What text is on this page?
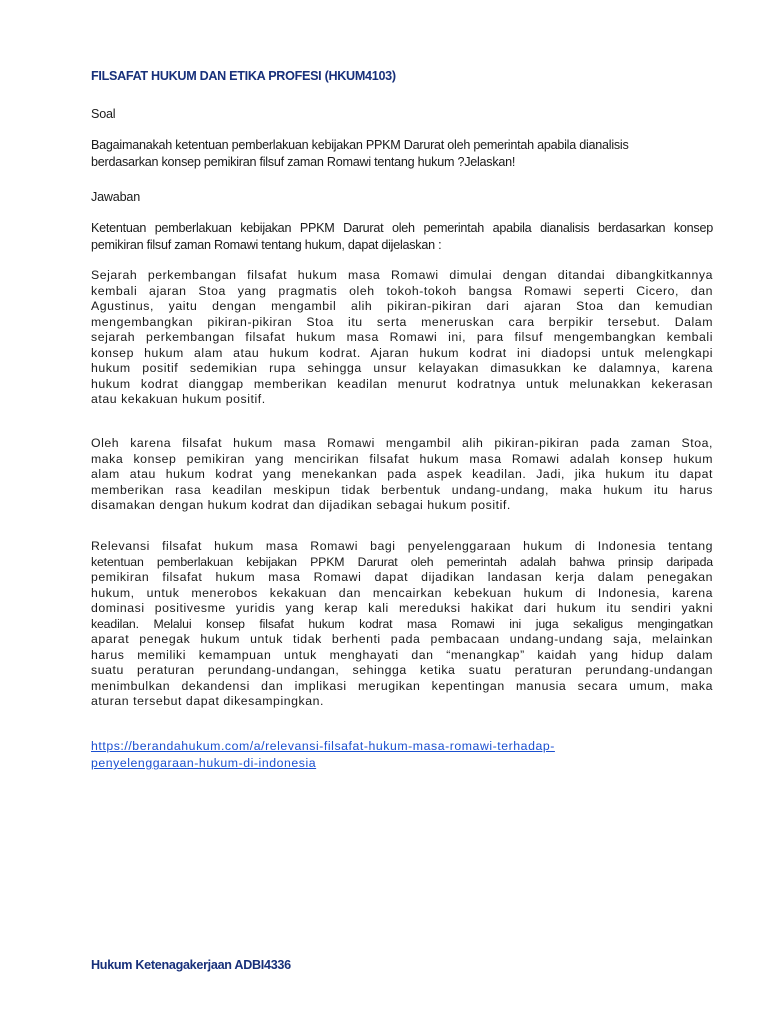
FILSAFAT HUKUM DAN ETIKA PROFESI (HKUM4103)
Soal
Bagaimanakah ketentuan pemberlakuan kebijakan PPKM Darurat oleh pemerintah apabila dianalisis
berdasarkan konsep pemikiran filsuf zaman Romawi tentang hukum ?Jelaskan!
Jawaban
Ketentuan pemberlakuan kebijakan PPKM Darurat oleh pemerintah apabila dianalisis berdasarkan konsep
pemikiran filsuf zaman Romawi tentang hukum, dapat dijelaskan :
Sejarah perkembangan filsafat hukum masa Romawi dimulai dengan ditandai dibangkitkannya
kembali ajaran Stoa yang pragmatis oleh tokoh-tokoh bangsa Romawi seperti Cicero, dan
Agustinus, yaitu dengan mengambil alih pikiran-pikiran dari ajaran Stoa dan kemudian
mengembangkan pikiran-pikiran Stoa itu serta meneruskan cara berpikir tersebut. Dalam
sejarah perkembangan filsafat hukum masa Romawi ini, para filsuf mengembangkan kembali
konsep hukum alam atau hukum kodrat. Ajaran hukum kodrat ini diadopsi untuk melengkapi
hukum positif sedemikian rupa sehingga unsur kelayakan dimasukkan ke dalamnya, karena
hukum kodrat dianggap memberikan keadilan menurut kodratnya untuk melunakkan kekerasan
atau kekakuan hukum positif.
Oleh karena filsafat hukum masa Romawi mengambil alih pikiran-pikiran pada zaman Stoa,
maka konsep pemikiran yang mencirikan filsafat hukum masa Romawi adalah konsep hukum
alam atau hukum kodrat yang menekankan pada aspek keadilan. Jadi, jika hukum itu dapat
memberikan rasa keadilan meskipun tidak berbentuk undang-undang, maka hukum itu harus
disamakan dengan hukum kodrat dan dijadikan sebagai hukum positif.
Relevansi filsafat hukum masa Romawi bagi penyelenggaraan hukum di Indonesia tentang
ketentuan pemberlakuan kebijakan PPKM Darurat oleh pemerintah adalah bahwa prinsip daripada
pemikiran filsafat hukum masa Romawi dapat dijadikan landasan kerja dalam penegakan
hukum, untuk menerobos kekakuan dan mencairkan kebekuan hukum di Indonesia, karena
dominasi positivesme yuridis yang kerap kali mereduksi hakikat dari hukum itu sendiri yakni
keadilan. Melalui konsep filsafat hukum kodrat masa Romawi ini juga sekaligus mengingatkan
aparat penegak hukum untuk tidak berhenti pada pembacaan undang-undang saja, melainkan
harus memiliki kemampuan untuk menghayati dan “menangkap” kaidah yang hidup dalam
suatu peraturan perundang-undangan, sehingga ketika suatu peraturan perundang-undangan
menimbulkan dekandensi dan implikasi merugikan kepentingan manusia secara umum, maka
aturan tersebut dapat dikesampingkan.
https://berandahukum.com/a/relevansi-filsafat-hukum-masa-romawi-terhadap-
penyelenggaraan-hukum-di-indonesia
Hukum Ketenagakerjaan ADBI4336
